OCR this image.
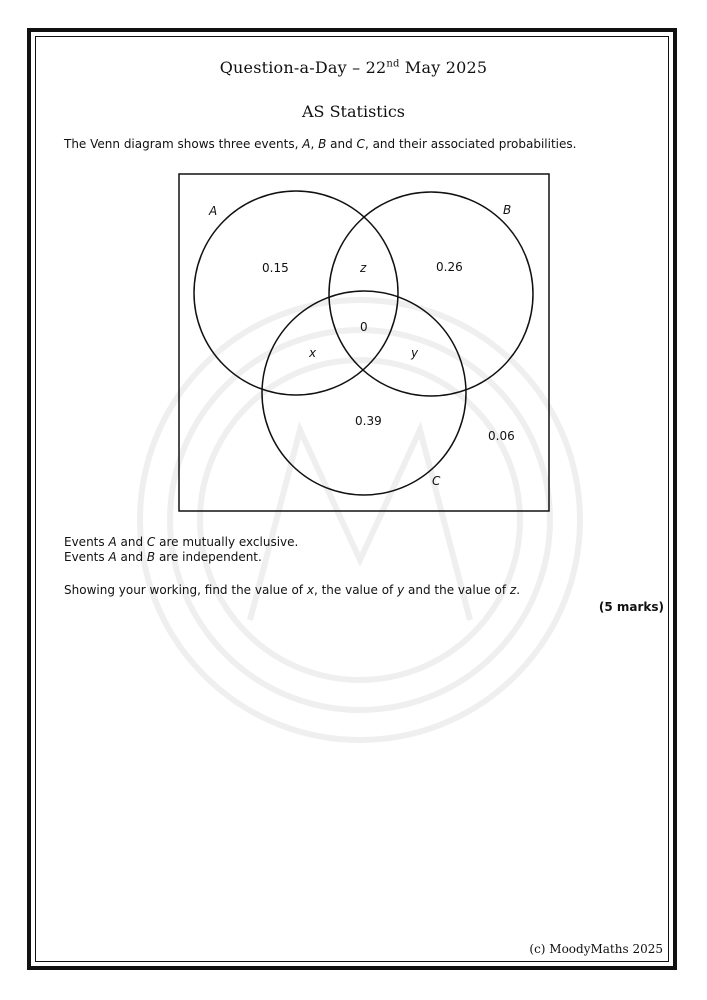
Question-a-Day – 22nd May 2025
AS Statistics
The Venn diagram shows three events, A, B and C, and their associated probabilities.
A	B
C
0.15	z	0.26
0
x	y
0.39
0.06
Events A and C are mutually exclusive.
Events A and B are independent.
Showing your working, find the value of x, the value of y and the value of z.
(5 marks)
(c) MoodyMaths 2025
